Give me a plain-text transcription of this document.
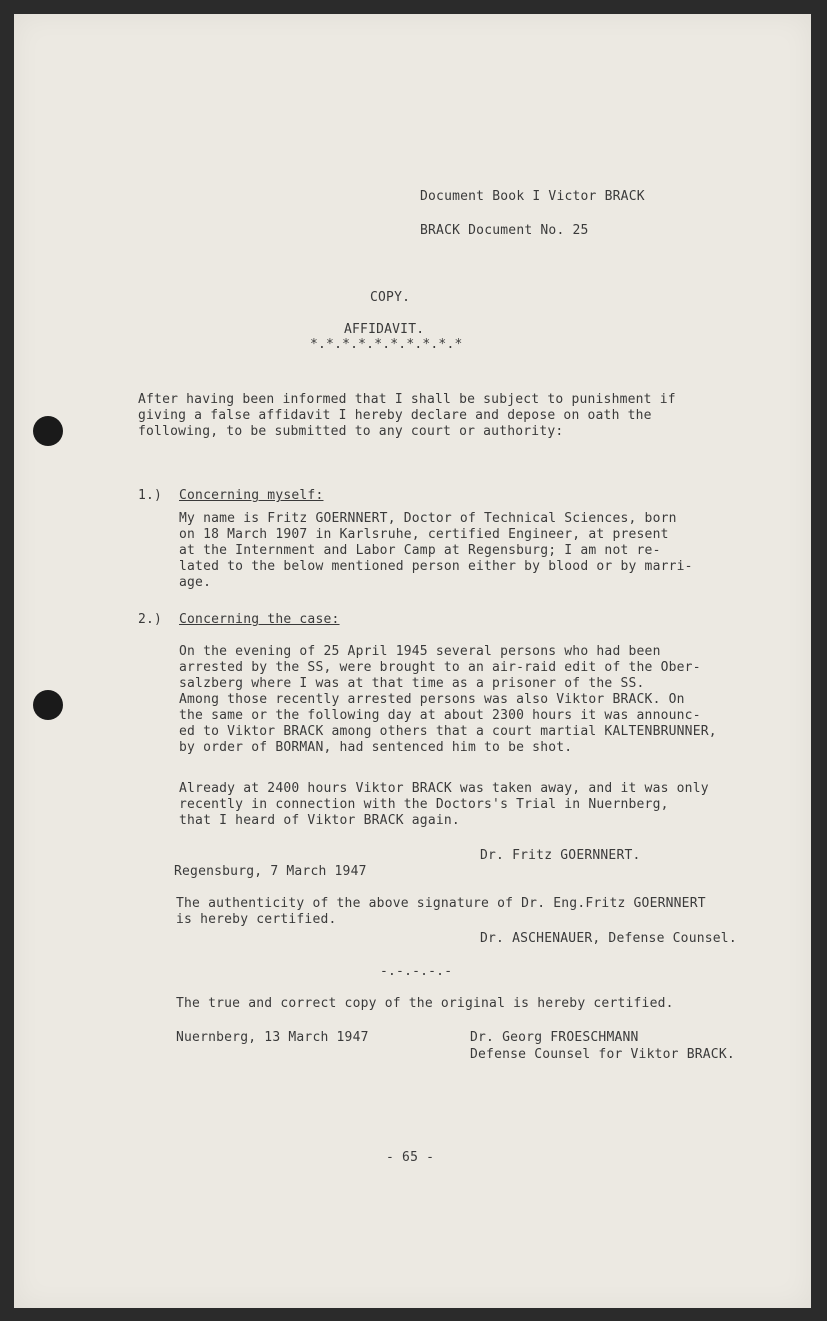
Document Book I Victor BRACK
BRACK Document No. 25
COPY.
AFFIDAVIT.
*.*.*.*.*.*.*.*.*.*
After having been informed that I shall be subject to punishment if
giving a false affidavit I hereby declare and depose on oath the
following, to be submitted to any court or authority:
1.) Concerning myself:
My name is Fritz GOERNNERT, Doctor of Technical Sciences, born
on 18 March 1907 in Karlsruhe, certified Engineer, at present
at the Internment and Labor Camp at Regensburg; I am not re-
lated to the below mentioned person either by blood or by marri-
age.
2.) Concerning the case:
On the evening of 25 April 1945 several persons who had been
arrested by the SS, were brought to an air-raid edit of the Ober-
salzberg where I was at that time as a prisoner of the SS.
Among those recently arrested persons was also Viktor BRACK. On
the same or the following day at about 2300 hours it was announc-
ed to Viktor BRACK among others that a court martial KALTENBRUNNER,
by order of BORMAN, had sentenced him to be shot.
Already at 2400 hours Viktor BRACK was taken away, and it was only
recently in connection with the Doctors's Trial in Nuernberg,
that I heard of Viktor BRACK again.
Dr. Fritz GOERNNERT.
Regensburg, 7 March 1947
The authenticity of the above signature of Dr. Eng.Fritz GOERNNERT
is hereby certified.
Dr. ASCHENAUER, Defense Counsel.
-.-.-.-.-
The true and correct copy of the original is hereby certified.
Nuernberg, 13 March 1947	Dr. Georg FROESCHMANN
Defense Counsel for Viktor BRACK.
- 65 -
